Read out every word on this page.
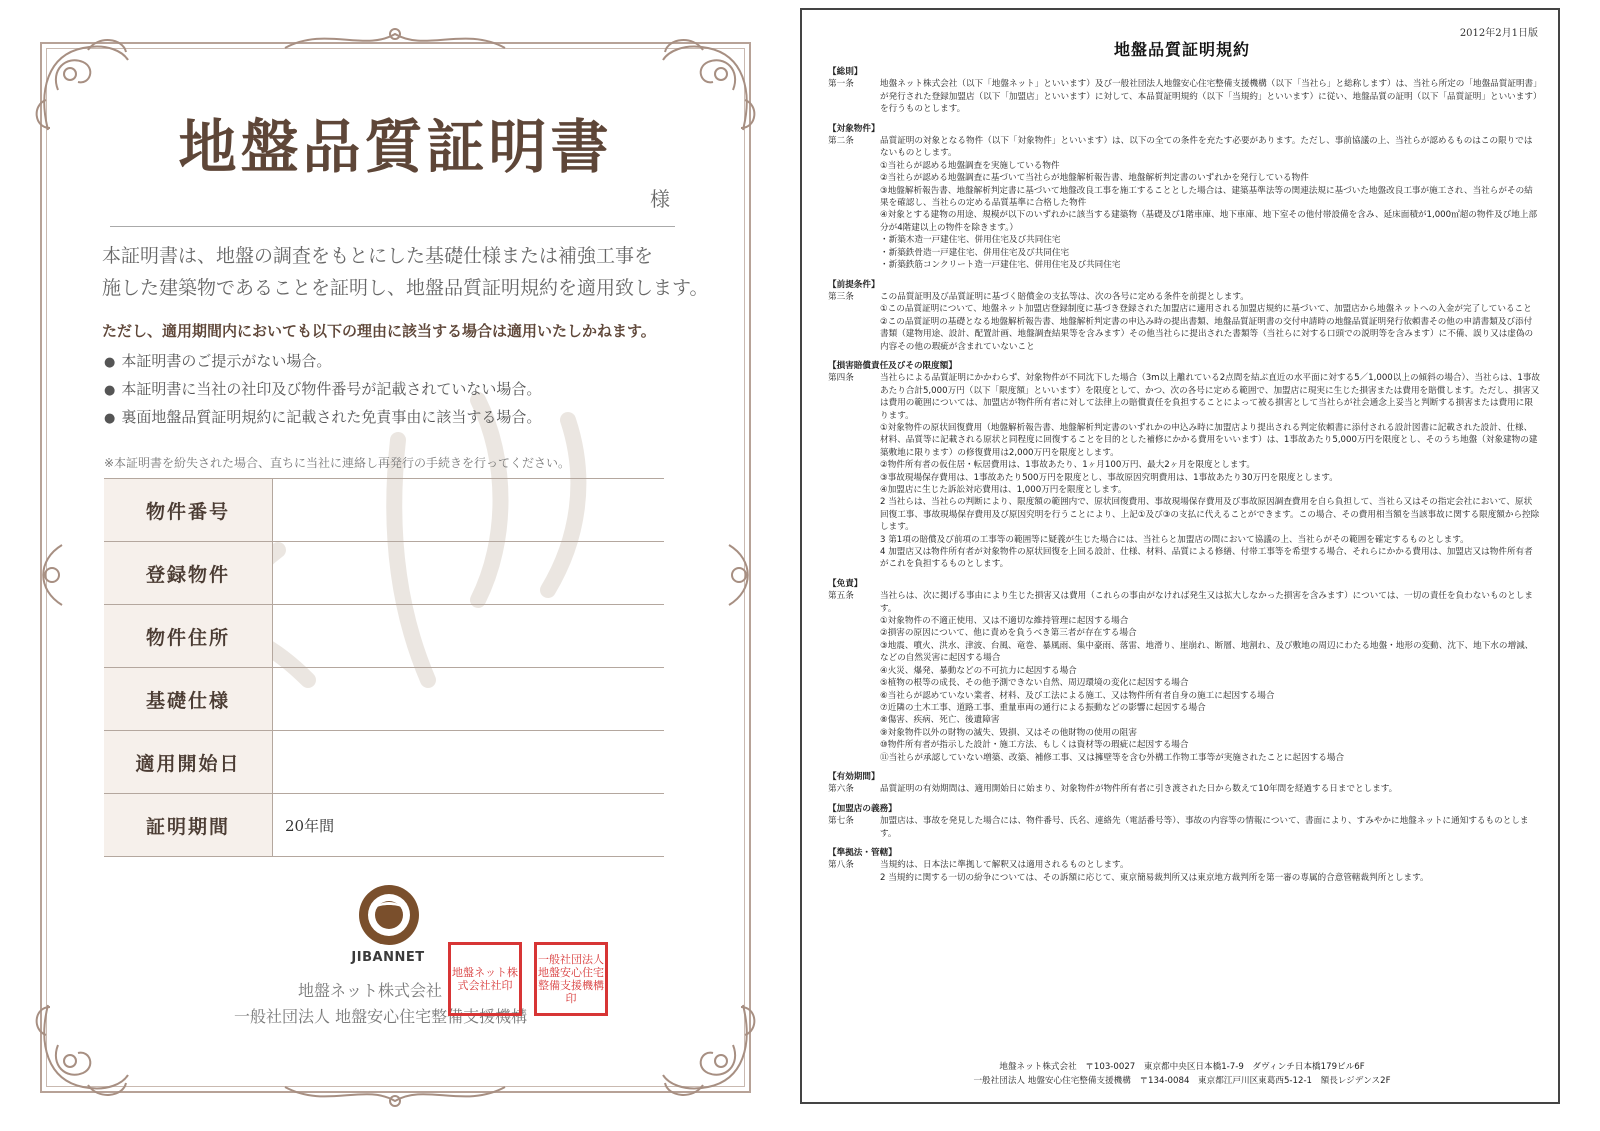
地盤品質証明書
様
本証明書は、地盤の調査をもとにした基礎仕様または補強工事を
施した建築物であることを証明し、地盤品質証明規約を適用致します。
ただし、適用期間内においても以下の理由に該当する場合は適用いたしかねます。
● 本証明書のご提示がない場合。
● 本証明書に当社の社印及び物件番号が記載されていない場合。
● 裏面地盤品質証明規約に記載された免責事由に該当する場合。
※本証明書を紛失された場合、直ちに当社に連絡し再発行の手続きを行ってください。
物件番号	
登録物件	
物件住所	
基礎仕様	
適用開始日	
証明期間	20年間
JIBANNET
地盤ネット株式会社
一般社団法人 地盤安心住宅整備支援機構
地盤ネット株式会社社印
一般社団法人地盤安心住宅整備支援機構印
2012年2月1日版
地盤品質証明規約
【総則】
第一条	地盤ネット株式会社（以下「地盤ネット」といいます）及び一般社団法人地盤安心住宅整備支援機構（以下「当社ら」と総称します）は、当社ら所定の「地盤品質証明書」が発行された登録加盟店（以下「加盟店」といいます）に対して、本品質証明規約（以下「当規約」といいます）に従い、地盤品質の証明（以下「品質証明」といいます）を行うものとします。
【対象物件】
第二条	品質証明の対象となる物件（以下「対象物件」といいます）は、以下の全ての条件を充たす必要があります。ただし、事前協議の上、当社らが認めるものはこの限りではないものとします。
①当社らが認める地盤調査を実施している物件
②当社らが認める地盤調査に基づいて当社らが地盤解析報告書、地盤解析判定書のいずれかを発行している物件
③地盤解析報告書、地盤解析判定書に基づいて地盤改良工事を施工することとした場合は、建築基準法等の関連法規に基づいた地盤改良工事が施工され、当社らがその結果を確認し、当社らの定める品質基準に合格した物件
④対象とする建物の用途、規模が以下のいずれかに該当する建築物（基礎及び1階車庫、地下車庫、地下室その他付帯設備を含み、延床面積が1,000㎡超の物件及び地上部分が4階建以上の物件を除きます。）
・新築木造一戸建住宅、併用住宅及び共同住宅
・新築鉄骨造一戸建住宅、併用住宅及び共同住宅
・新築鉄筋コンクリート造一戸建住宅、併用住宅及び共同住宅
【前提条件】
第三条	この品質証明及び品質証明に基づく賠償金の支払等は、次の各号に定める条件を前提とします。
①この品質証明について、地盤ネット加盟店登録制度に基づき登録された加盟店に適用される加盟店規約に基づいて、加盟店から地盤ネットへの入金が完了していること
②この品質証明の基礎となる地盤解析報告書、地盤解析判定書の申込み時の提出書類、地盤品質証明書の交付申請時の地盤品質証明発行依頼書その他の申請書類及び添付書類（建物用途、設計、配置計画、地盤調査結果等を含みます）その他当社らに提出された書類等（当社らに対する口頭での説明等を含みます）に不備、誤り又は虚偽の内容その他の瑕疵が含まれていないこと
【損害賠償責任及びその限度額】
第四条	当社らによる品質証明にかかわらず、対象物件が不同沈下した場合（3m以上離れている2点間を結ぶ直近の水平面に対する5／1,000以上の傾斜の場合）、当社らは、1事故あたり合計5,000万円（以下「限度額」といいます）を限度として、かつ、次の各号に定める範囲で、加盟店に現実に生じた損害または費用を賠償します。ただし、損害又は費用の範囲については、加盟店が物件所有者に対して法律上の賠償責任を負担することによって被る損害として当社らが社会通念上妥当と判断する損害または費用に限ります。
①対象物件の原状回復費用（地盤解析報告書、地盤解析判定書のいずれかの申込み時に加盟店より提出される判定依頼書に添付される設計図書に記載された設計、仕様、材料、品質等に記載される原状と同程度に回復することを目的とした補修にかかる費用をいいます）は、1事故あたり5,000万円を限度とし、そのうち地盤（対象建物の建築敷地に限ります）の修復費用は2,000万円を限度とします。
②物件所有者の仮住居・転居費用は、1事故あたり、1ヶ月100万円、最大2ヶ月を限度とします。
③事故現場保存費用は、1事故あたり500万円を限度とし、事故原因究明費用は、1事故あたり30万円を限度とします。
④加盟店に生じた訴訟対応費用は、1,000万円を限度とします。
2 当社らは、当社らの判断により、限度額の範囲内で、原状回復費用、事故現場保存費用及び事故原因調査費用を自ら負担して、当社ら又はその指定会社において、原状回復工事、事故現場保存費用及び原因究明を行うことにより、上記①及び③の支払に代えることができます。この場合、その費用相当額を当該事故に関する限度額から控除します。
3 第1項の賠償及び前項の工事等の範囲等に疑義が生じた場合には、当社らと加盟店の間において協議の上、当社らがその範囲を確定するものとします。
4 加盟店又は物件所有者が対象物件の原状回復を上回る設計、仕様、材料、品質による修繕、付帯工事等を希望する場合、それらにかかる費用は、加盟店又は物件所有者がこれを負担するものとします。
【免責】
第五条	当社らは、次に掲げる事由により生じた損害又は費用（これらの事由がなければ発生又は拡大しなかった損害を含みます）については、一切の責任を負わないものとします。
①対象物件の不適正使用、又は不適切な維持管理に起因する場合
②損害の原因について、他に責めを負うべき第三者が存在する場合
③地震、噴火、洪水、津波、台風、竜巻、暴風雨、集中豪雨、落雷、地滑り、崖崩れ、断層、地割れ、及び敷地の周辺にわたる地盤・地形の変動、沈下、地下水の増減、などの自然災害に起因する場合
④火災、爆発、暴動などの不可抗力に起因する場合
⑤植物の根等の成長、その他予測できない自然、周辺環境の変化に起因する場合
⑥当社らが認めていない業者、材料、及び工法による施工、又は物件所有者自身の施工に起因する場合
⑦近隣の土木工事、道路工事、重量車両の通行による振動などの影響に起因する場合
⑧傷害、疾病、死亡、後遺障害
⑨対象物件以外の財物の滅失、毀損、又はその他財物の使用の阻害
⑩物件所有者が指示した設計・施工方法、もしくは資材等の瑕疵に起因する場合
⑪当社らが承認していない増築、改築、補修工事、又は擁壁等を含む外構工作物工事等が実施されたことに起因する場合
【有効期間】
第六条	品質証明の有効期間は、適用開始日に始まり、対象物件が物件所有者に引き渡された日から数えて10年間を経過する日までとします。
【加盟店の義務】
第七条	加盟店は、事故を発見した場合には、物件番号、氏名、連絡先（電話番号等）、事故の内容等の情報について、書面により、すみやかに地盤ネットに通知するものとします。
【準拠法・管轄】
第八条	当規約は、日本法に準拠して解釈又は適用されるものとします。
2 当規約に関する一切の紛争については、その訴額に応じて、東京簡易裁判所又は東京地方裁判所を第一審の専属的合意管轄裁判所とします。
地盤ネット株式会社　〒103-0027　東京都中央区日本橋1-7-9　ダヴィンチ日本橋179ビル6F
一般社団法人 地盤安心住宅整備支援機構　〒134-0084　東京都江戸川区東葛西5-12-1　額長レジデンス2F
